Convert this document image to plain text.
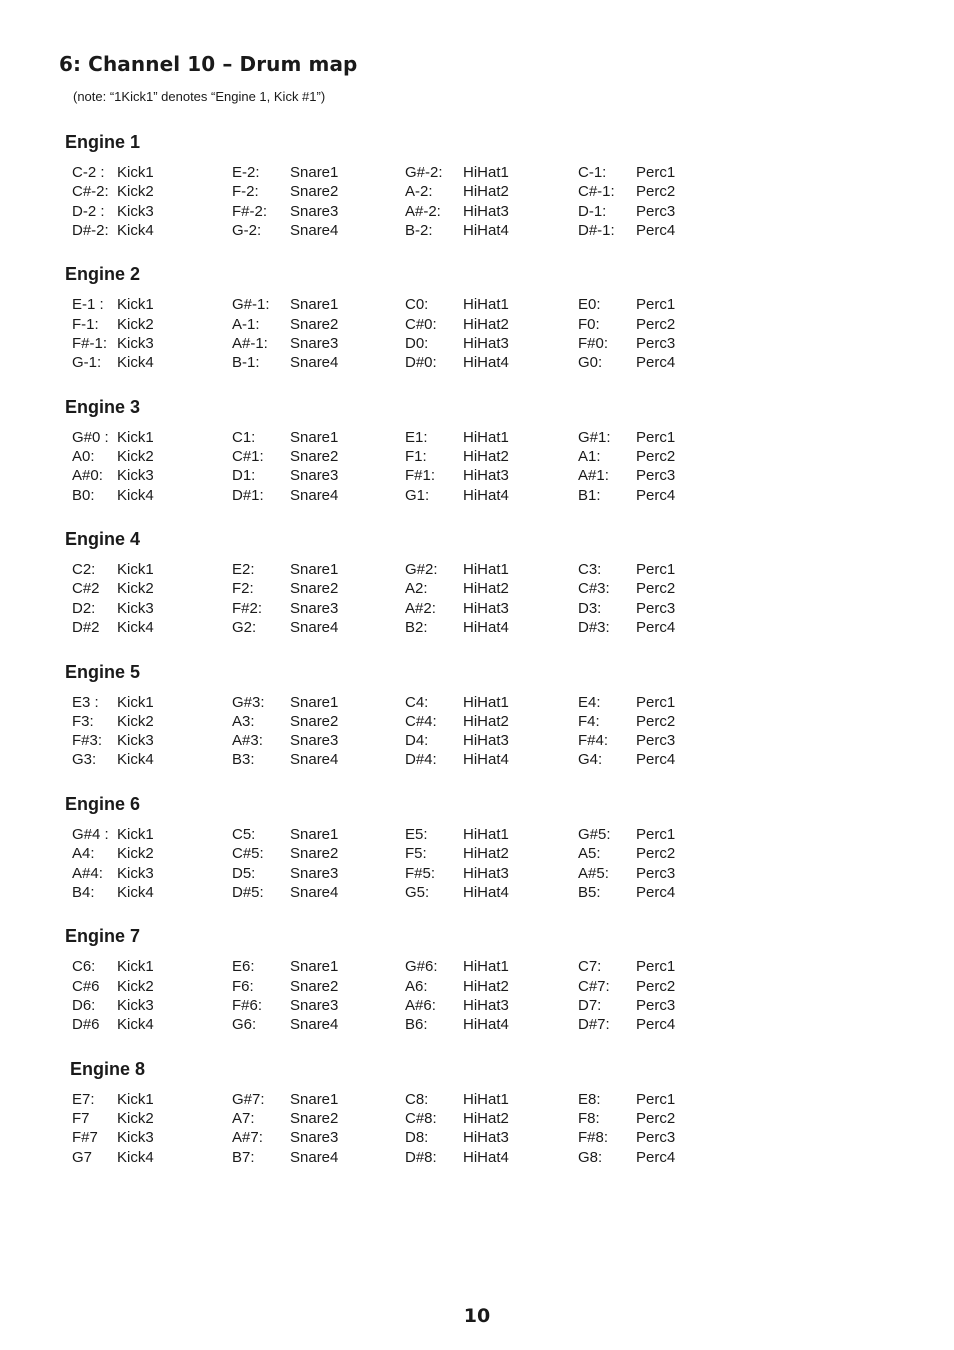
6: Channel 10 – Drum map
(note: “1Kick1” denotes “Engine 1, Kick #1”)
Engine 1
C-2 : Kick1	E-2: Snare1	G#-2: HiHat1	C-1: Perc1
C#-2: Kick2	F-2: Snare2	A-2: HiHat2	C#-1: Perc2
D-2 : Kick3	F#-2: Snare3	A#-2: HiHat3	D-1: Perc3
D#-2: Kick4	G-2: Snare4	B-2: HiHat4	D#-1: Perc4
Engine 2
E-1 : Kick1	G#-1: Snare1	C0: HiHat1	E0: Perc1
F-1: Kick2	A-1: Snare2	C#0: HiHat2	F0: Perc2
F#-1: Kick3	A#-1: Snare3	D0: HiHat3	F#0: Perc3
G-1: Kick4	B-1: Snare4	D#0: HiHat4	G0: Perc4
Engine 3
G#0 : Kick1	C1: Snare1	E1: HiHat1	G#1: Perc1
A0: Kick2	C#1: Snare2	F1: HiHat2	A1: Perc2
A#0: Kick3	D1: Snare3	F#1: HiHat3	A#1: Perc3
B0: Kick4	D#1: Snare4	G1: HiHat4	B1: Perc4
Engine 4
C2: Kick1	E2: Snare1	G#2: HiHat1	C3: Perc1
C#2 Kick2	F2: Snare2	A2: HiHat2	C#3: Perc2
D2: Kick3	F#2: Snare3	A#2: HiHat3	D3: Perc3
D#2 Kick4	G2: Snare4	B2: HiHat4	D#3: Perc4
Engine 5
E3 : Kick1	G#3: Snare1	C4: HiHat1	E4: Perc1
F3: Kick2	A3: Snare2	C#4: HiHat2	F4: Perc2
F#3: Kick3	A#3: Snare3	D4: HiHat3	F#4: Perc3
G3: Kick4	B3: Snare4	D#4: HiHat4	G4: Perc4
Engine 6
G#4 : Kick1	C5: Snare1	E5: HiHat1	G#5: Perc1
A4: Kick2	C#5: Snare2	F5: HiHat2	A5: Perc2
A#4: Kick3	D5: Snare3	F#5: HiHat3	A#5: Perc3
B4: Kick4	D#5: Snare4	G5: HiHat4	B5: Perc4
Engine 7
C6: Kick1	E6: Snare1	G#6: HiHat1	C7: Perc1
C#6 Kick2	F6: Snare2	A6: HiHat2	C#7: Perc2
D6: Kick3	F#6: Snare3	A#6: HiHat3	D7: Perc3
D#6 Kick4	G6: Snare4	B6: HiHat4	D#7: Perc4
Engine 8
E7: Kick1	G#7: Snare1	C8: HiHat1	E8: Perc1
F7 Kick2	A7: Snare2	C#8: HiHat2	F8: Perc2
F#7 Kick3	A#7: Snare3	D8: HiHat3	F#8: Perc3
G7 Kick4	B7: Snare4	D#8: HiHat4	G8: Perc4
10
